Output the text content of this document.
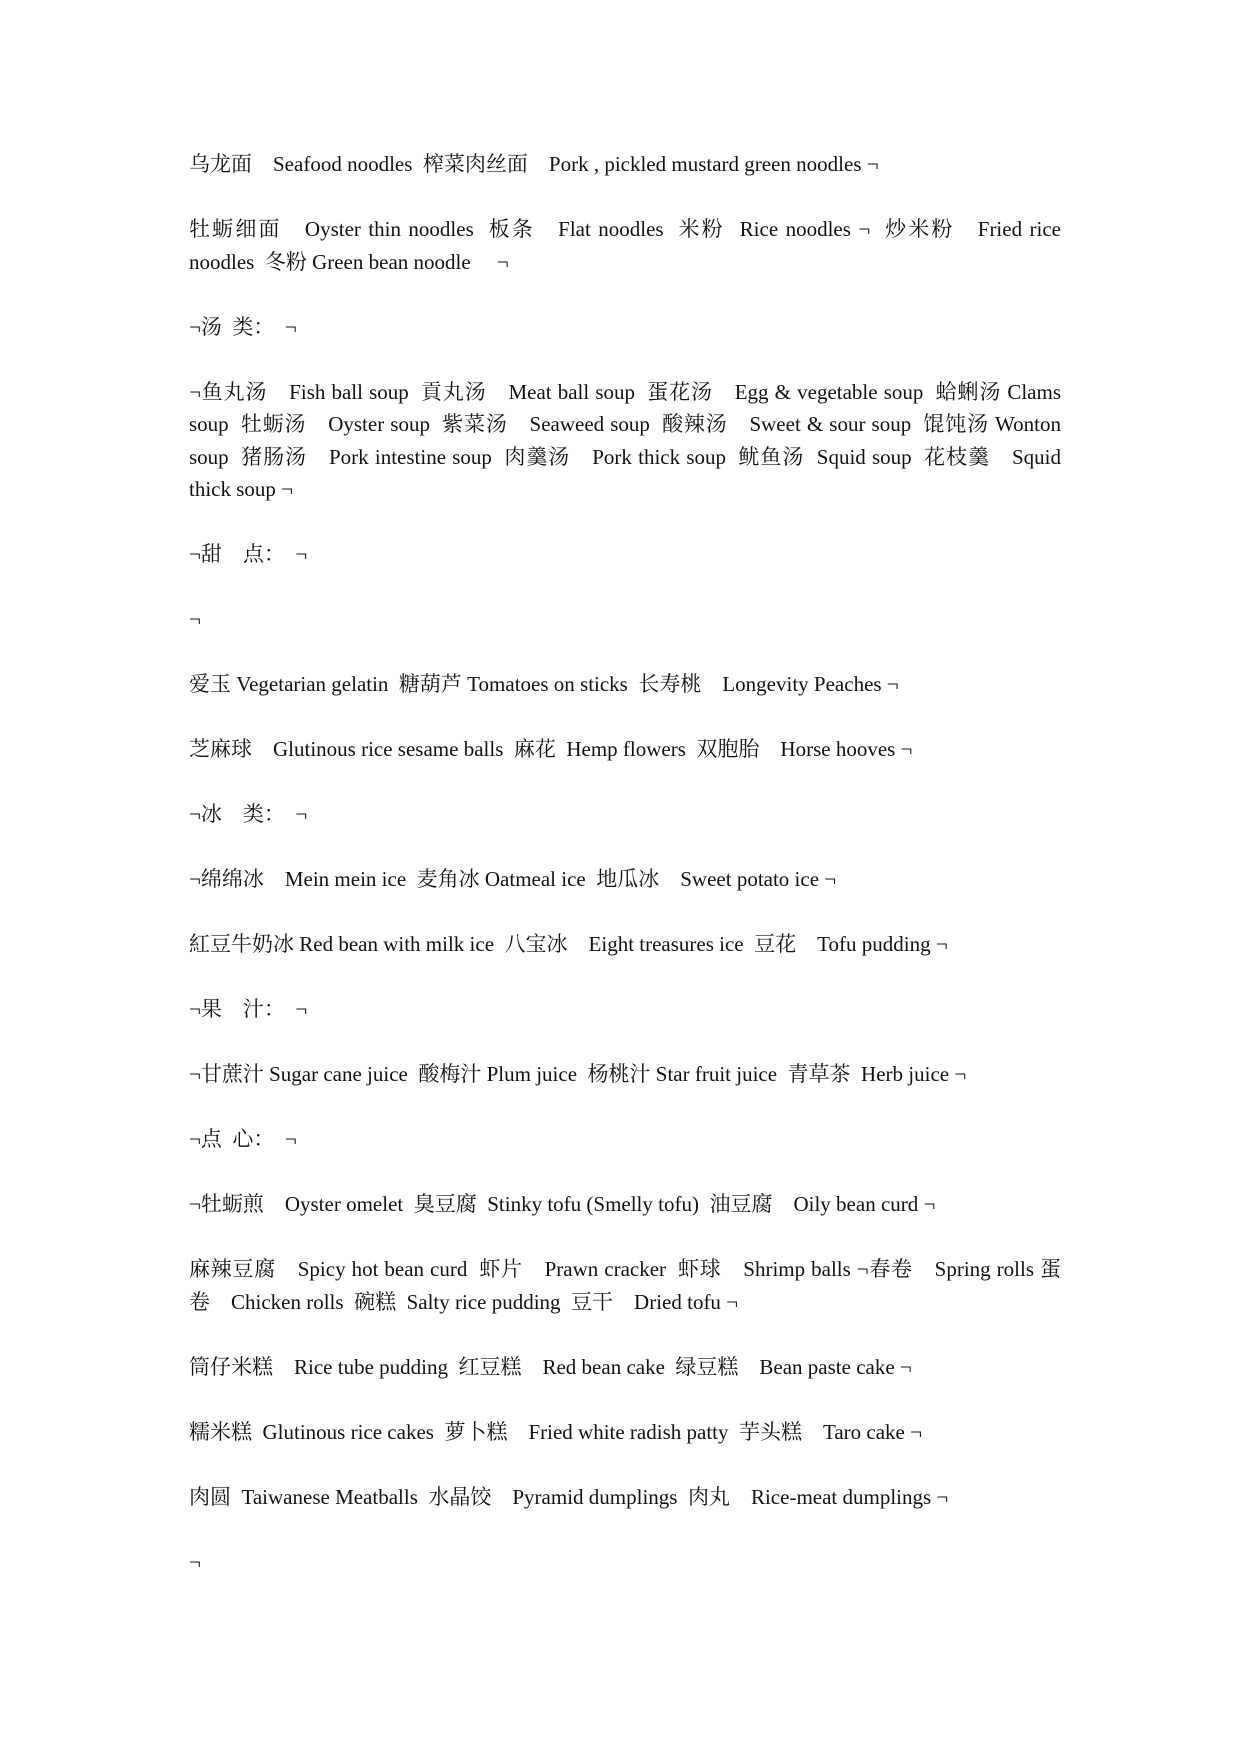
乌龙面　Seafood noodles  榨菜肉丝面　Pork , pickled mustard green noodles ¬

牡蛎细面　Oyster thin noodles  板条　Flat noodles  米粉  Rice noodles ¬  炒米粉　Fried rice noodles  冬粉 Green bean noodle 　¬

¬汤  类：  ¬

¬鱼丸汤　Fish ball soup  貢丸汤　Meat ball soup  蛋花汤　Egg & vegetable soup  蛤蜊汤 Clams soup  牡蛎汤　Oyster soup  紫菜汤　Seaweed soup  酸辣汤　Sweet & sour soup  馄饨汤 Wonton soup  猪肠汤　Pork intestine soup  肉羹汤　Pork thick soup  鱿鱼汤  Squid soup  花枝羹　Squid thick soup ¬

¬甜　点：  ¬

¬

爱玉 Vegetarian gelatin  糖葫芦 Tomatoes on sticks  长寿桃　Longevity Peaches ¬

芝麻球　Glutinous rice sesame balls  麻花  Hemp flowers  双胞胎　Horse hooves ¬

¬冰　类：  ¬

¬绵绵冰　Mein mein ice  麦角冰 Oatmeal ice  地瓜冰　Sweet potato ice ¬

紅豆牛奶冰 Red bean with milk ice  八宝冰　Eight treasures ice  豆花　Tofu pudding ¬

¬果　汁：  ¬

¬甘蔗汁 Sugar cane juice  酸梅汁 Plum juice  杨桃汁 Star fruit juice  青草茶  Herb juice ¬

¬点  心：  ¬

¬牡蛎煎　Oyster omelet  臭豆腐  Stinky tofu (Smelly tofu)  油豆腐　Oily bean curd ¬

麻辣豆腐　Spicy hot bean curd  虾片　Prawn cracker  虾球　Shrimp balls ¬春卷　Spring rolls 蛋卷　Chicken rolls  碗糕  Salty rice pudding  豆干　Dried tofu ¬

筒仔米糕　Rice tube pudding  红豆糕　Red bean cake  绿豆糕　Bean paste cake ¬

糯米糕  Glutinous rice cakes  萝卜糕　Fried white radish patty  芋头糕　Taro cake ¬

肉圆  Taiwanese Meatballs  水晶饺　Pyramid dumplings  肉丸　Rice-meat dumplings ¬

¬
